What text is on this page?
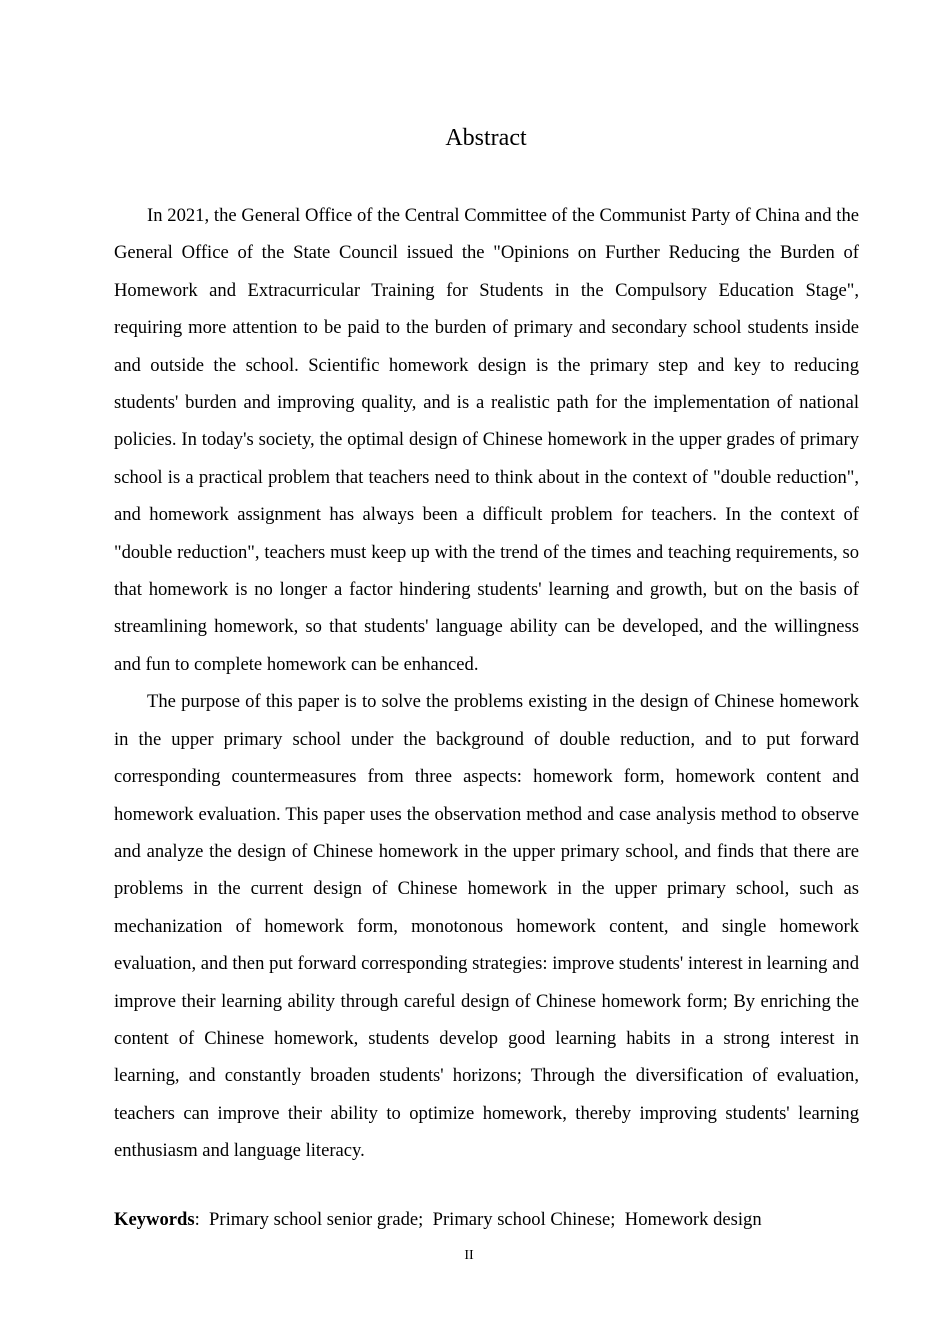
Abstract

In 2021, the General Office of the Central Committee of the Communist Party of China and the General Office of the State Council issued the "Opinions on Further Reducing the Burden of Homework and Extracurricular Training for Students in the Compulsory Education Stage", requiring more attention to be paid to the burden of primary and secondary school students inside and outside the school. Scientific homework design is the primary step and key to reducing students' burden and improving quality, and is a realistic path for the implementation of national policies. In today's society, the optimal design of Chinese homework in the upper grades of primary school is a practical problem that teachers need to think about in the context of "double reduction", and homework assignment has always been a difficult problem for teachers. In the context of "double reduction", teachers must keep up with the trend of the times and teaching requirements, so that homework is no longer a factor hindering students' learning and growth, but on the basis of streamlining homework, so that students' language ability can be developed, and the willingness and fun to complete homework can be enhanced.

The purpose of this paper is to solve the problems existing in the design of Chinese homework in the upper primary school under the background of double reduction, and to put forward corresponding countermeasures from three aspects: homework form, homework content and homework evaluation. This paper uses the observation method and case analysis method to observe and analyze the design of Chinese homework in the upper primary school, and finds that there are problems in the current design of Chinese homework in the upper primary school, such as mechanization of homework form, monotonous homework content, and single homework evaluation, and then put forward corresponding strategies: improve students' interest in learning and improve their learning ability through careful design of Chinese homework form; By enriching the content of Chinese homework, students develop good learning habits in a strong interest in learning, and constantly broaden students' horizons; Through the diversification of evaluation, teachers can improve their ability to optimize homework, thereby improving students' learning enthusiasm and language literacy.

Keywords: Primary school senior grade; Primary school Chinese; Homework design

II
